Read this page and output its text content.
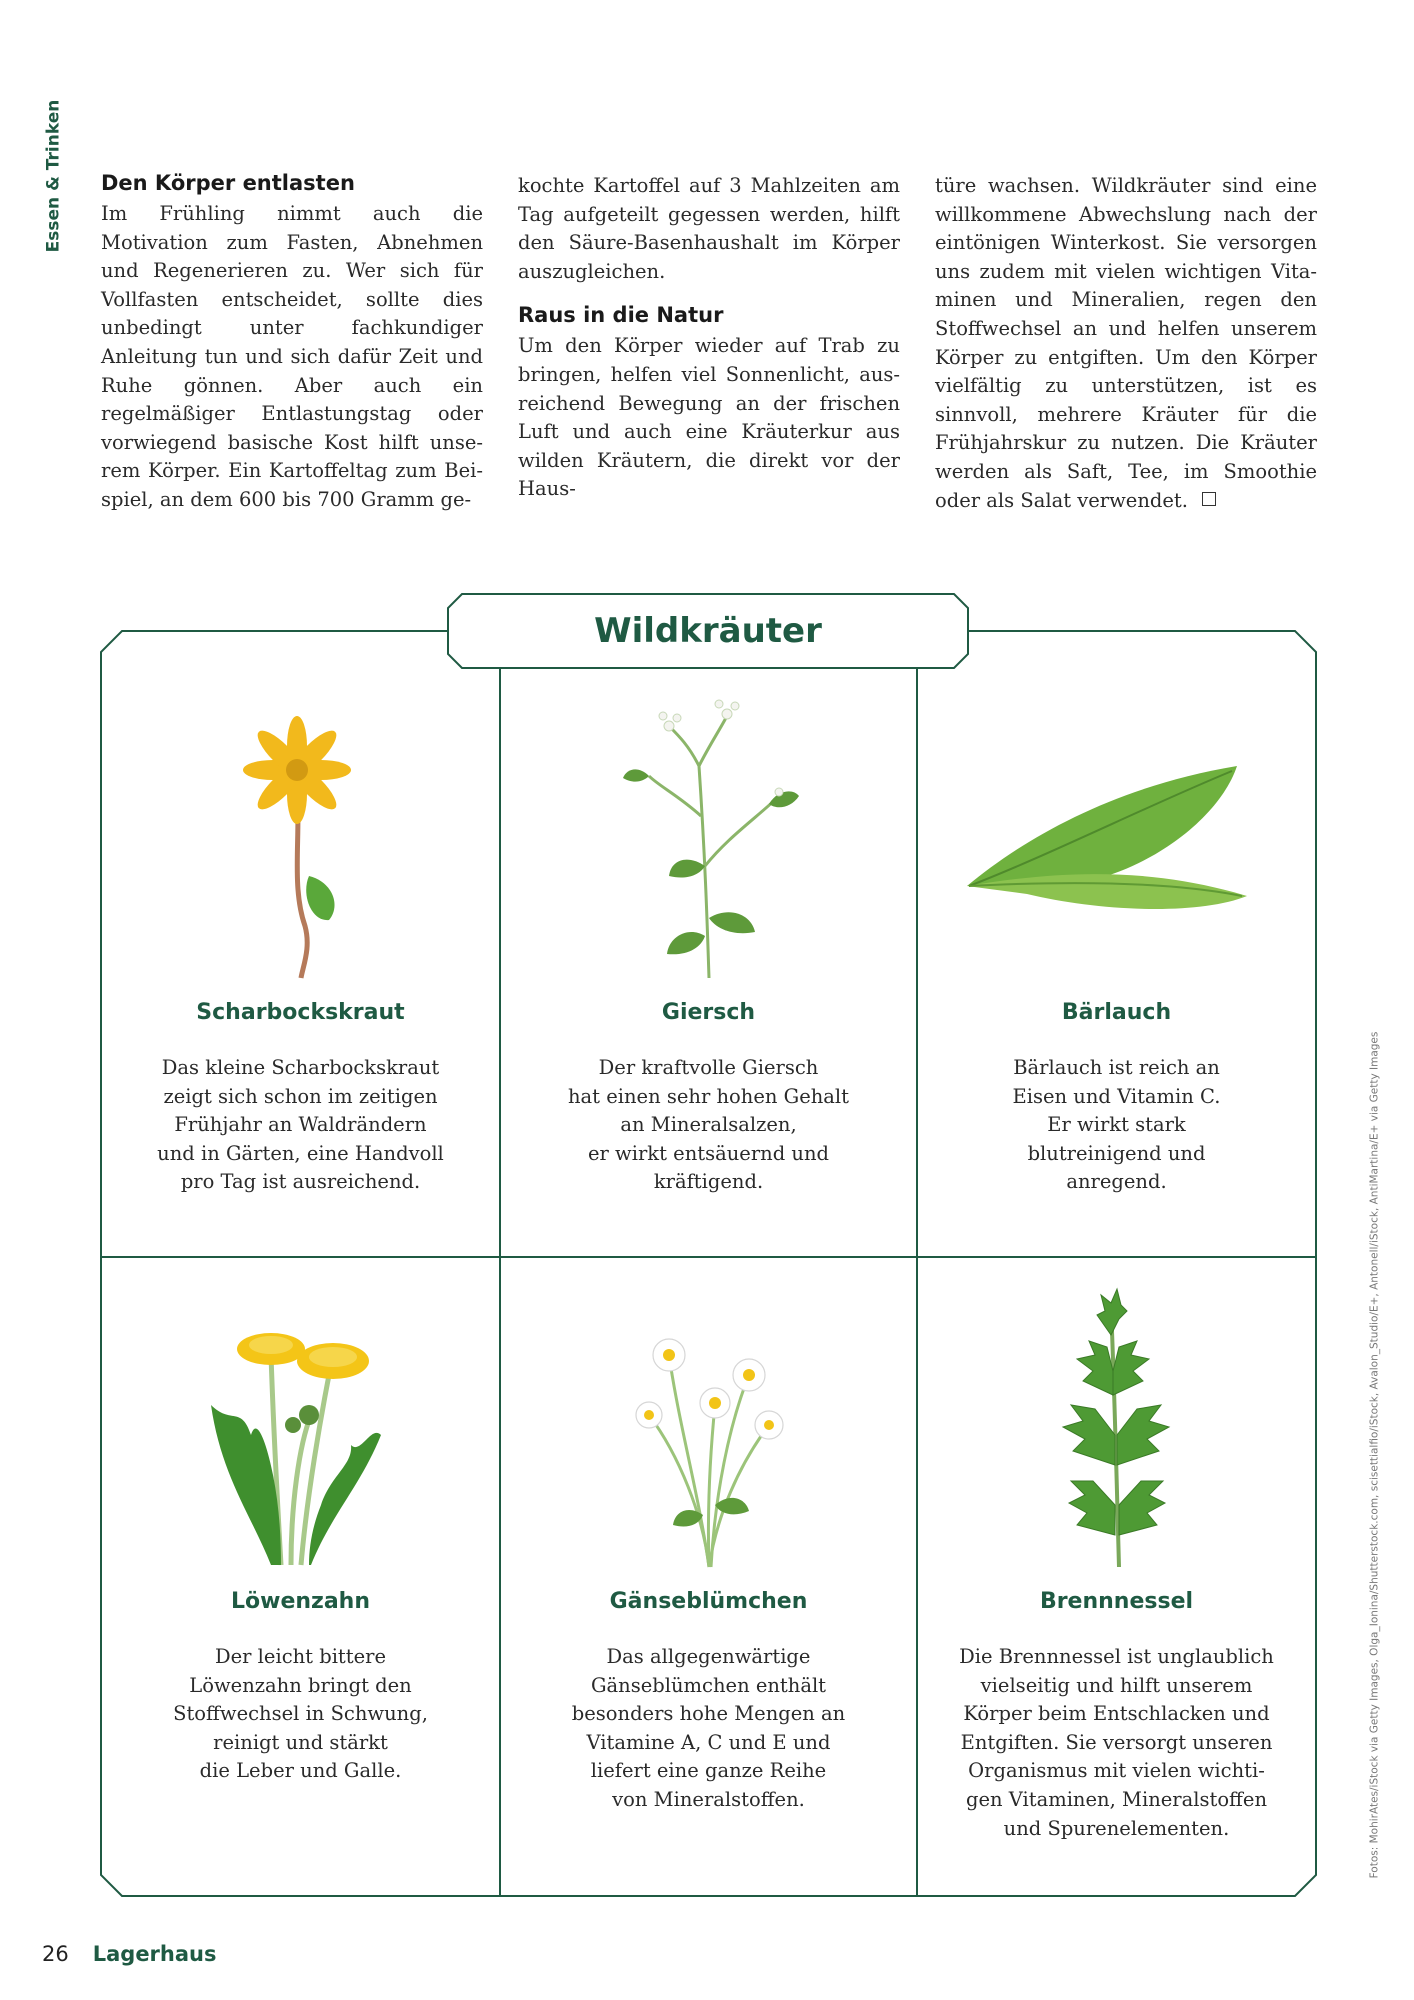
Essen & Trinken Den Körper entlasten

Im Frühling nimmt auch die Motivation zum Fasten, Abnehmen und Regenerieren zu. Wer sich für Vollfasten entscheidet, sollte dies unbedingt unter fachkundiger Anleitung tun und sich dafür Zeit und Ruhe gönnen. Aber auch ein regelmäßiger Entlastungstag oder vorwiegend basische Kost hilft unserem Körper. Ein Kartoffeltag zum Beispiel, an dem 600 bis 700 Gramm ge-

kochte Kartoffel auf 3 Mahlzeiten am Tag aufgeteilt gegessen werden, hilft den Säure-Basenhaushalt im Körper auszugleichen.

Raus in die Natur

Um den Körper wieder auf Trab zu bringen, helfen viel Sonnenlicht, ausreichend Bewegung an der frischen Luft und auch eine Kräuterkur aus wilden Kräutern, die direkt vor der Haus-

türe wachsen. Wildkräuter sind eine willkommene Abwechslung nach der eintönigen Winterkost. Sie versorgen uns zudem mit vielen wichtigen Vitaminen und Mineralien, regen den Stoffwechsel an und helfen unserem Körper zu entgiften. Um den Körper vielfältig zu unterstützen, ist es sinnvoll, mehrere Kräuter für die Frühjahrskur zu nutzen. Die Kräuter werden als Saft, Tee, im Smoothie oder als Salat verwendet.

Wildkräuter
Scharbockskraut

Das kleine Scharbockskraut
zeigt sich schon im zeitigen
Frühjahr an Waldrändern
und in Gärten, eine Handvoll
pro Tag ist ausreichend.

Giersch

Der kraftvolle Giersch
hat einen sehr hohen Gehalt
an Mineralsalzen,
er wirkt entsäuernd und
kräftigend.

Bärlauch

Bärlauch ist reich an
Eisen und Vitamin C.
Er wirkt stark
blutreinigend und
anregend.

Löwenzahn

Der leicht bittere
Löwenzahn bringt den
Stoffwechsel in Schwung,
reinigt und stärkt
die Leber und Galle.

Gänseblümchen

Das allgegenwärtige
Gänseblümchen enthält
besonders hohe Mengen an
Vitamine A, C und E und
liefert eine ganze Reihe
von Mineralstoffen.

Brennnessel

Die Brennnessel ist unglaublich
vielseitig und hilft unserem
Körper beim Entschlacken und
Entgiften. Sie versorgt unseren
Organismus mit vielen wichti-
gen Vitaminen, Mineralstoffen
und Spurenelementen.	Fotos: MohirAtes/iStock via Getty Images, Olga_Ionina/Shutterstock.com, scisettialfio/iStock, Avalon_Studio/E+, Antonell/iStock, AntiMartina/E+ via Getty Images
26 Lagerhaus
